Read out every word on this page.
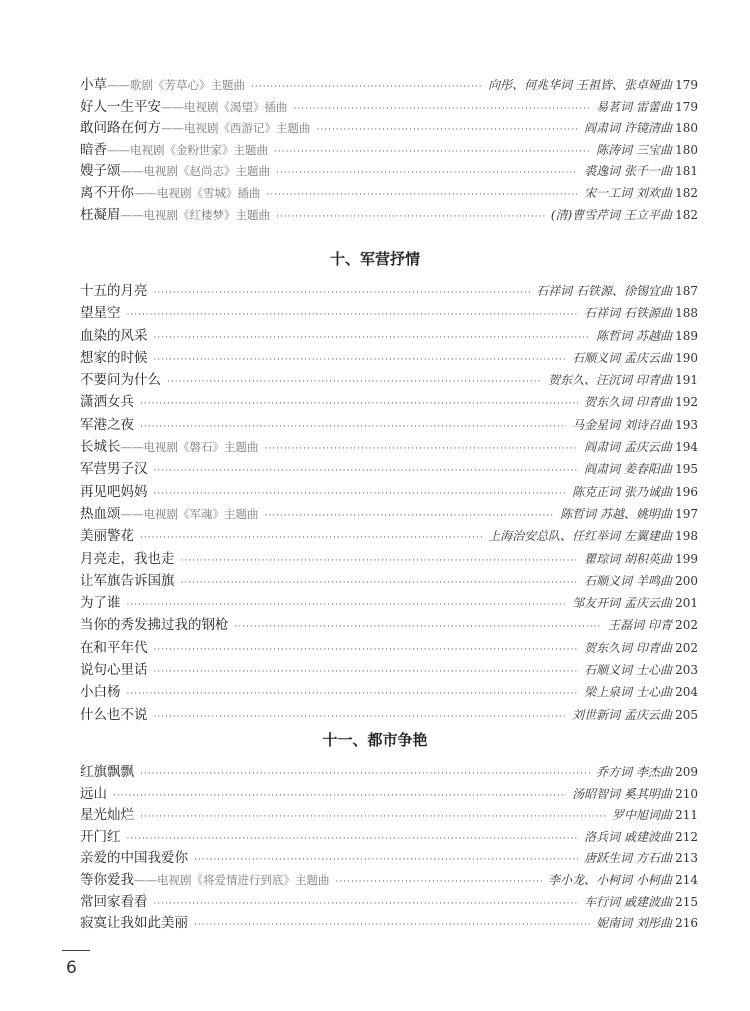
十、军营抒情
十一、都市争艳
小草 ——歌剧《芳草心》主题曲 ·····	向彤、何兆华词 王祖皆、张卓娅曲 179
好人一生平安 ——电视剧《渴望》插曲 ·····	易茗词 雷蕾曲 179
敢问路在何方 ——电视剧《西游记》主题曲 ·····	阎肃词 许镜清曲 180
暗香 ——电视剧《金粉世家》主题曲 ·····	陈涛词 三宝曲 180
嫂子颂 ——电视剧《赵尚志》主题曲 ·····	裘逸词 张千一曲 181
离不开你 ——电视剧《雪城》插曲 ·····	宋一工词 刘欢曲 182
枉凝眉 ——电视剧《红楼梦》主题曲 ·····	(清)曹雪芹词 王立平曲 182
十五的月亮 ·····	石祥词 石铁源、徐锡宜曲 187
望星空 ·····	石祥词 石铁源曲 188
血染的风采 ·····	陈哲词 苏越曲 189
想家的时候 ·····	石顺义词 孟庆云曲 190
不要问为什么 ·····	贺东久、汪沉词 印青曲 191
潇洒女兵 ·····	贺东久词 印青曲 192
军港之夜 ·····	马金星词 刘诗召曲 193
长城长 ——电视剧《磐石》主题曲 ·····	阎肃词 孟庆云曲 194
军营男子汉 ·····	阎肃词 姜春阳曲 195
再见吧妈妈 ·····	陈克正词 张乃诚曲 196
热血颂 ——电视剧《军魂》主题曲 ·····	陈哲词 苏越、姚明曲 197
美丽警花 ·····	上海治安总队、任红举词 左翼建曲 198
月亮走，我也走 ·····	瞿琮词 胡积英曲 199
让军旗告诉国旗 ·····	石顺义词 羊鸣曲 200
为了谁 ·····	邹友开词 孟庆云曲 201
当你的秀发拂过我的钢枪 ·····	王磊词 印青 202
在和平年代 ·····	贺东久词 印青曲 202
说句心里话 ·····	石顺义词 士心曲 203
小白杨 ·····	梁上泉词 士心曲 204
什么也不说 ·····	刘世新词 孟庆云曲 205
红旗飘飘 ·····	乔方词 李杰曲 209
远山 ·····	汤昭智词 奚其明曲 210
星光灿烂 ·····	罗中旭词曲 211
开门红 ·····	洛兵词 戚建波曲 212
亲爱的中国我爱你 ·····	唐跃生词 方石曲 213
等你爱我 ——电视剧《将爱情进行到底》主题曲 ·····	李小龙、小柯词 小柯曲 214
常回家看看 ·····	车行词 戚建波曲 215
寂寞让我如此美丽 ·····	妮南词 刘彤曲 216
6
